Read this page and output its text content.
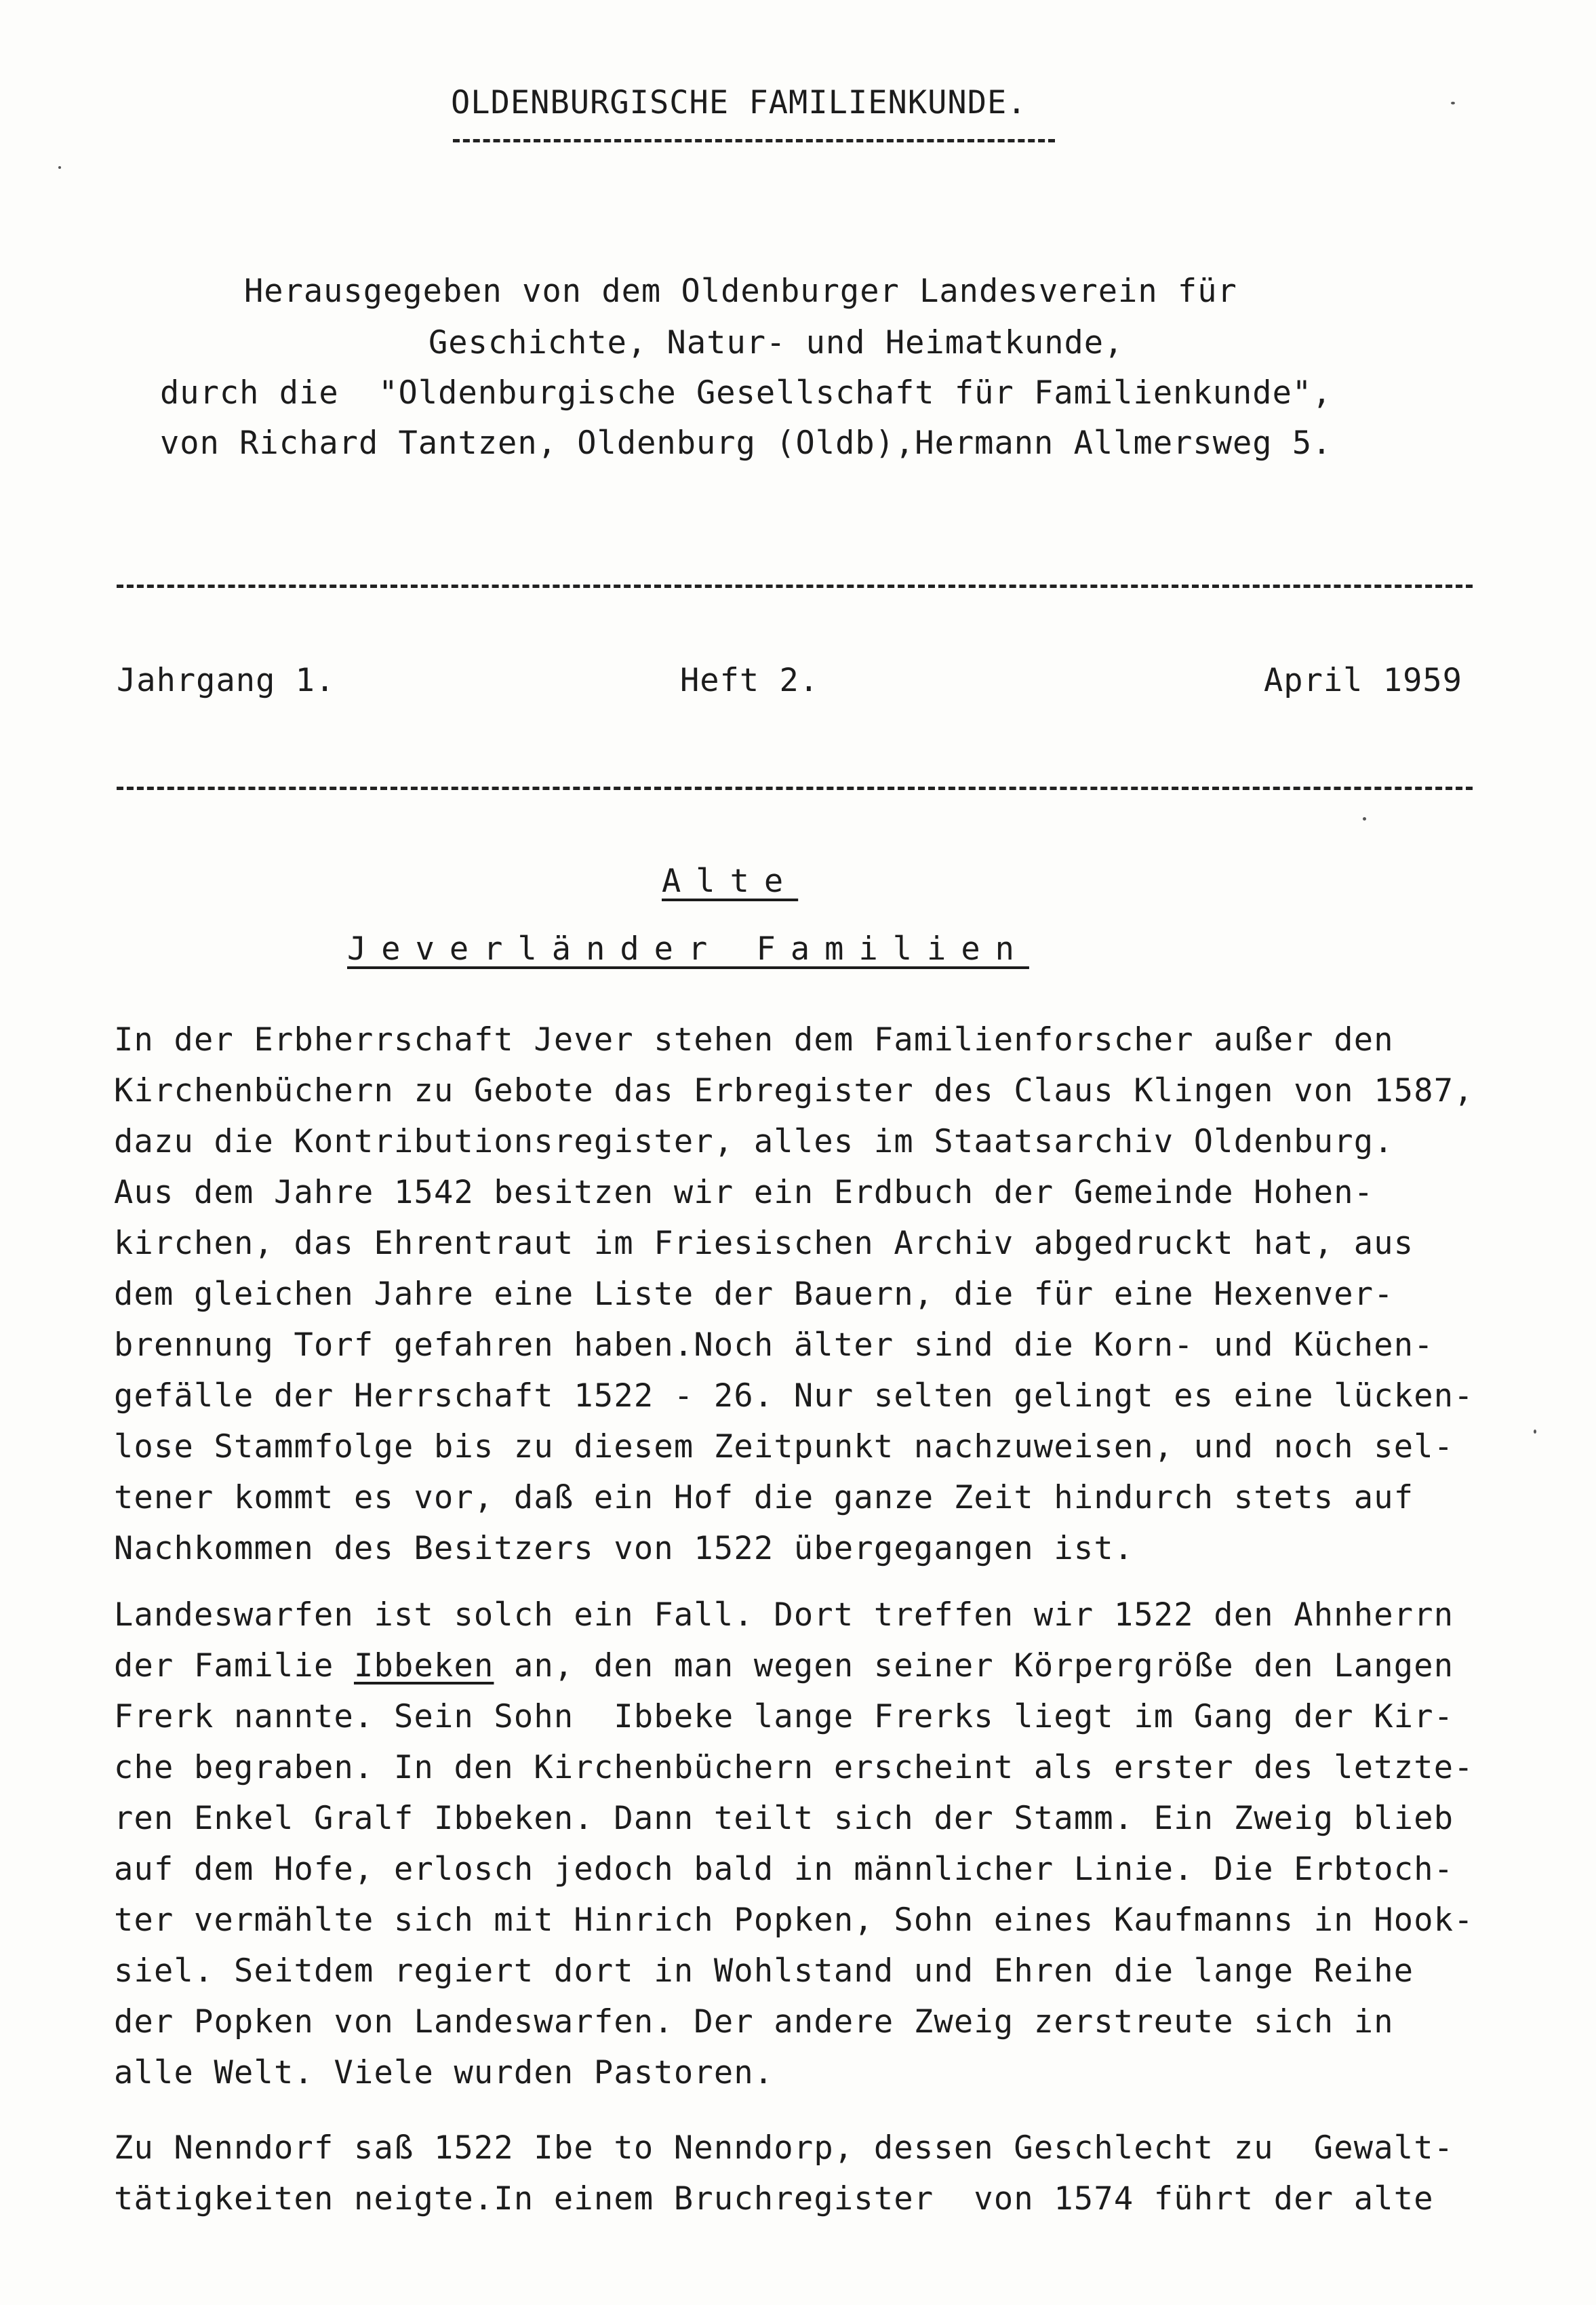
OLDENBURGISCHE FAMILIENKUNDE.
Herausgegeben von dem Oldenburger Landesverein für
Geschichte, Natur- und Heimatkunde,
durch die  "Oldenburgische Gesellschaft für Familienkunde",
von Richard Tantzen, Oldenburg (Oldb),Hermann Allmersweg 5.
Jahrgang 1.	Heft 2.	April 1959
Alte
Jeverländer Familien
In der Erbherrschaft Jever stehen dem Familienforscher außer den
Kirchenbüchern zu Gebote das Erbregister des Claus Klingen von 1587,
dazu die Kontributionsregister, alles im Staatsarchiv Oldenburg.
Aus dem Jahre 1542 besitzen wir ein Erdbuch der Gemeinde Hohen-
kirchen, das Ehrentraut im Friesischen Archiv abgedruckt hat, aus
dem gleichen Jahre eine Liste der Bauern, die für eine Hexenver-
brennung Torf gefahren haben.Noch älter sind die Korn- und Küchen-
gefälle der Herrschaft 1522 - 26. Nur selten gelingt es eine lücken-
lose Stammfolge bis zu diesem Zeitpunkt nachzuweisen, und noch sel-
tener kommt es vor, daß ein Hof die ganze Zeit hindurch stets auf
Nachkommen des Besitzers von 1522 übergegangen ist.
Landeswarfen ist solch ein Fall. Dort treffen wir 1522 den Ahnherrn
der Familie Ibbeken an, den man wegen seiner Körpergröße den Langen
Frerk nannte. Sein Sohn  Ibbeke lange Frerks liegt im Gang der Kir-
che begraben. In den Kirchenbüchern erscheint als erster des letzte-
ren Enkel Gralf Ibbeken. Dann teilt sich der Stamm. Ein Zweig blieb
auf dem Hofe, erlosch jedoch bald in männlicher Linie. Die Erbtoch-
ter vermählte sich mit Hinrich Popken, Sohn eines Kaufmanns in Hook-
siel. Seitdem regiert dort in Wohlstand und Ehren die lange Reihe
der Popken von Landeswarfen. Der andere Zweig zerstreute sich in
alle Welt. Viele wurden Pastoren.
Zu Nenndorf saß 1522 Ibe to Nenndorp, dessen Geschlecht zu  Gewalt-
tätigkeiten neigte.In einem Bruchregister  von 1574 führt der alte
